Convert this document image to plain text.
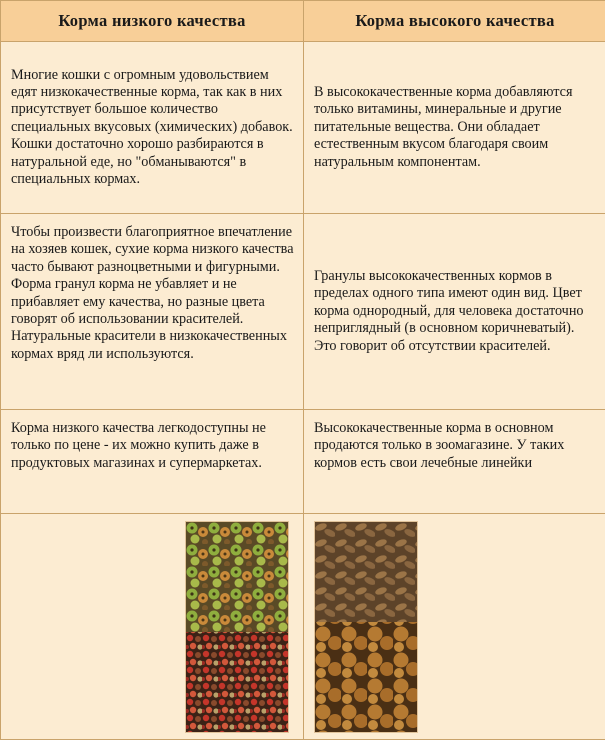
Корма низкого качества	Корма высокого качества
Многие кошки с огромным удовольствием едят низкокачественные корма, так как в них присутствует большое количество специальных вкусовых (химических) добавок. Кошки достаточно хорошо разбираются в натуральной еде, но "обманываются" в специальных кормах.	В высококачественные корма добавляются только витамины, минеральные и другие питательные вещества. Они обладает естественным вкусом благодаря своим натуральным компонентам.
Чтобы произвести благоприятное впечатление на хозяев кошек, сухие корма низкого качества часто бывают разноцветными и фигурными. Форма гранул корма не убавляет и не прибавляет ему качества, но разные цвета говорят об использовании красителей. Натуральные красители в низкокачественных кормах вряд ли используются.	Гранулы высококачественных кормов в пределах одного типа имеют один вид. Цвет корма однородный, для человека достаточно неприглядный (в основном коричневатый). Это говорит об отсутствии красителей.
Корма низкого качества легкодоступны не только по цене - их можно купить даже в продуктовых магазинах и супермаркетах.	Высококачественные корма в основном продаются только в зоомагазине. У таких кормов есть свои лечебные линейки
